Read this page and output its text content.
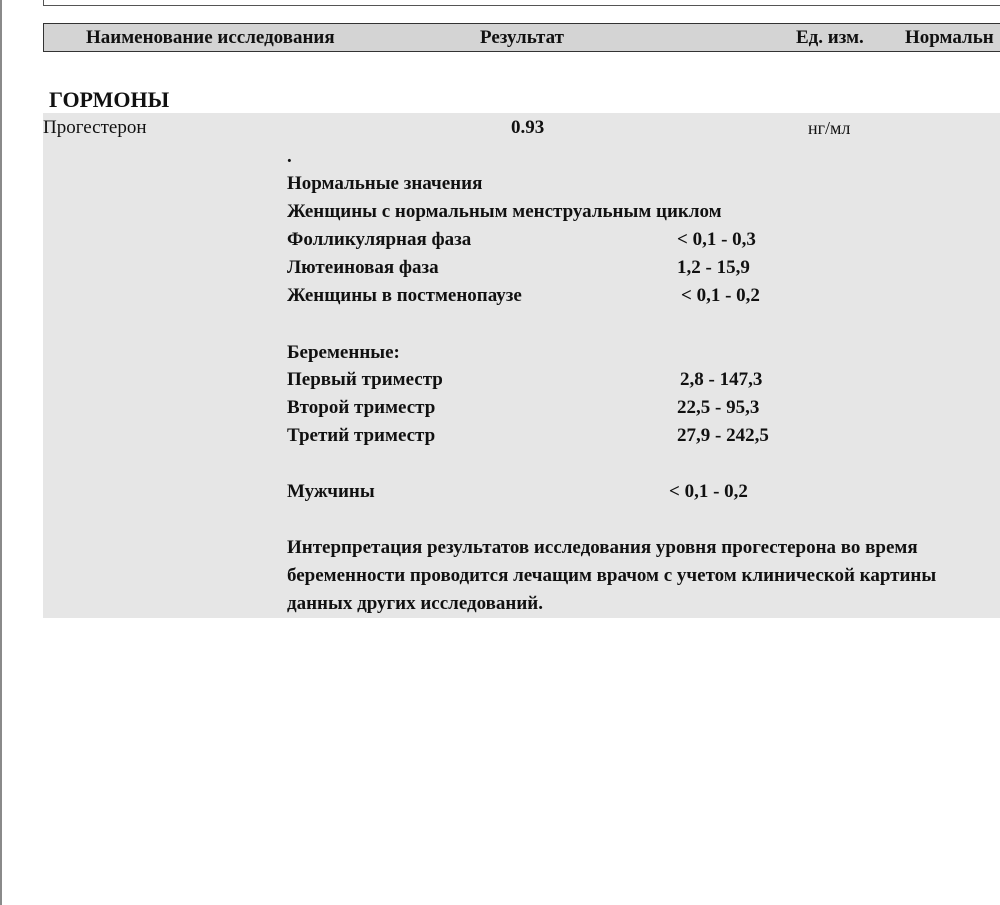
Наименование исследования	Результат	Ед. изм. Нормальн
ГОРМОНЫ
Прогестерон	0.93	нг/мл
.
Нормальные значения
Женщины с нормальным менструальным циклом
Фолликулярная фаза	< 0,1 - 0,3
Лютеиновая фаза	1,2 - 15,9
Женщины в постменопаузе	< 0,1 - 0,2
Беременные:
Первый триместр	2,8 - 147,3
Второй триместр	22,5 - 95,3
Третий триместр	27,9 - 242,5
Мужчины	< 0,1 - 0,2
Интерпретация результатов исследования уровня прогестерона во время
беременности проводится лечащим врачом с учетом клинической картины
данных других исследований.
